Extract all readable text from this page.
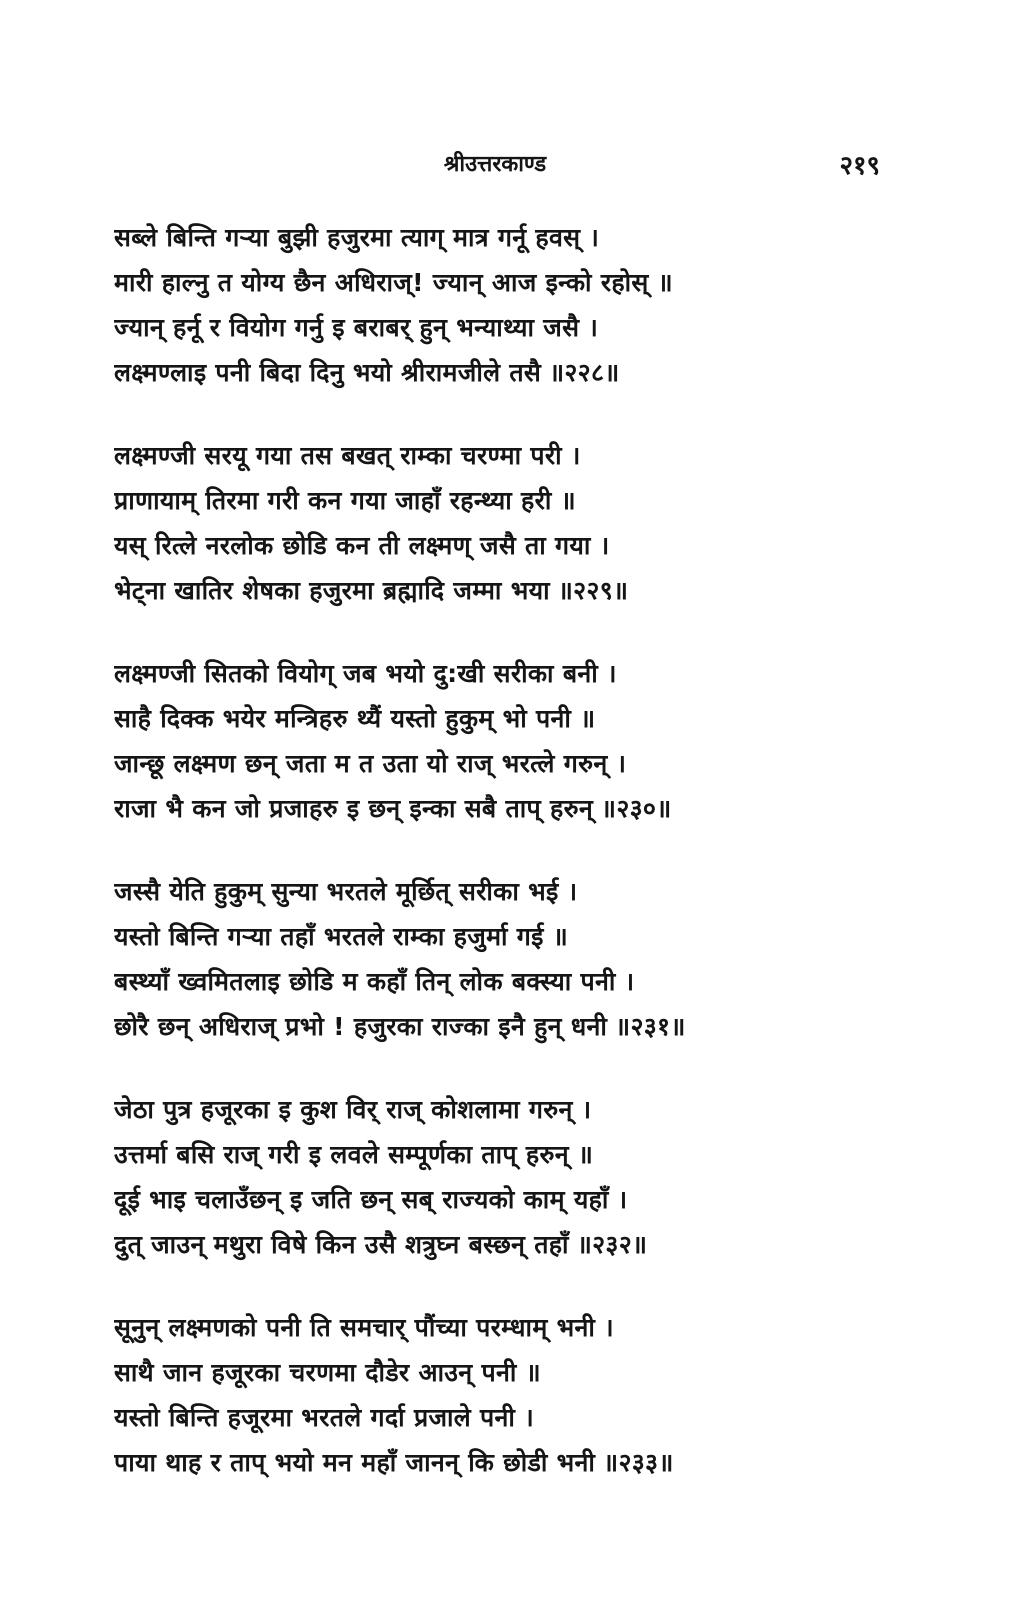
श्रीउत्तरकाण्ड	२१९
सब्ले बिन्ति गऱ्या बुझी हजुरमा त्याग् मात्र गर्नू हवस् ।
मारी हाल्नु त योग्य छैन अधिराज्! ज्यान् आज इन्को रहोस् ॥
ज्यान् हर्नू र वियोग गर्नु इ बराबर् हुन् भन्याथ्या जसै ।
लक्ष्मण्लाइ पनी बिदा दिनु भयो श्रीरामजीले तसै ॥२२८॥
लक्ष्मण्जी सरयू गया तस बखत् राम्का चरण्मा परी ।
प्राणायाम् तिरमा गरी कन गया जाहाँ रहन्थ्या हरी ॥
यस् रित्ले नरलोक छोडि कन ती लक्ष्मण् जसै ता गया ।
भेट्ना खातिर शेषका हजुरमा ब्रह्मादि जम्मा भया ॥२२९॥
लक्ष्मण्जी सितको वियोग् जब भयो दु:खी सरीका बनी ।
साहै दिक्क भयेर मन्त्रिहरु थ्यैं यस्तो हुकुम् भो पनी ॥
जान्छू लक्ष्मण छन् जता म त उता यो राज् भरत्ले गरुन् ।
राजा भै कन जो प्रजाहरु इ छन् इन्का सबै ताप् हरुन् ॥२३०॥
जस्सै येति हुकुम् सुन्या भरतले मूर्छित् सरीका भई ।
यस्तो बिन्ति गऱ्या तहाँ भरतले राम्का हजुर्मा गई ॥
बस्थ्याँ ख्वमितलाइ छोडि म कहाँ तिन् लोक बक्स्या पनी ।
छोरै छन् अधिराज् प्रभो ! हजुरका राज्का इनै हुन् धनी ॥२३१॥
जेठा पुत्र हजूरका इ कुश विर् राज् कोशलामा गरुन् ।
उत्तर्मा बसि राज् गरी इ लवले सम्पूर्णका ताप् हरुन् ॥
दूई भाइ चलाउँछन् इ जति छन् सब् राज्यको काम् यहाँ ।
दुत् जाउन् मथुरा विषे किन उसै शत्रुघ्न बस्छन् तहाँ ॥२३२॥
सूनुन् लक्ष्मणको पनी ति समचार् पौंच्या परम्धाम् भनी ।
साथै जान हजूरका चरणमा दौडेर आउन् पनी ॥
यस्तो बिन्ति हजूरमा भरतले गर्दा प्रजाले पनी ।
पाया थाह र ताप् भयो मन महाँ जानन् कि छोडी भनी ॥२३३॥
